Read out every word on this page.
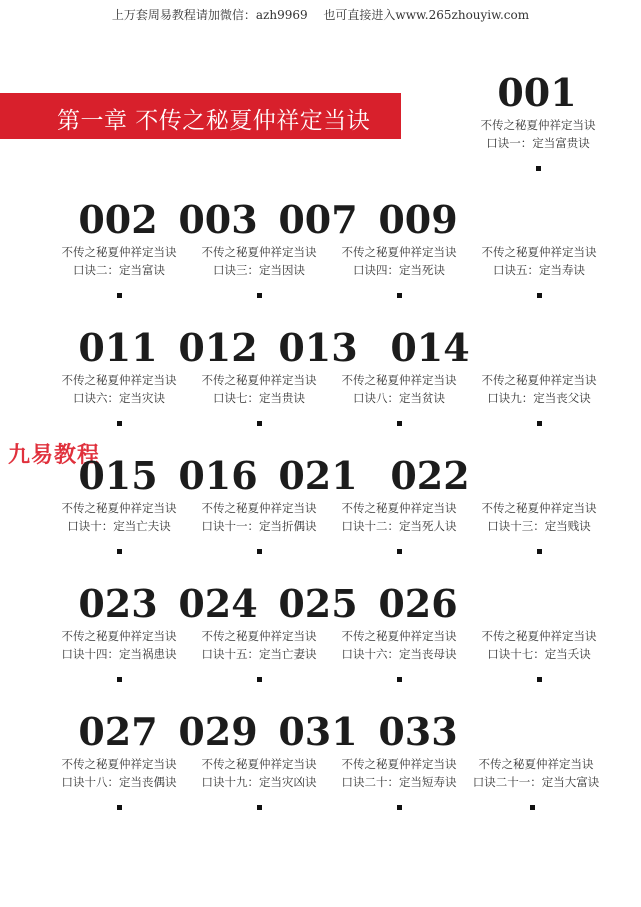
上万套周易教程请加微信：azh9969　 也可直接进入www.265zhouyiw.com
第一章 不传之秘夏仲祥定当诀
001
不传之秘夏仲祥定当诀
口诀一：定当富贵诀
002 003 007 009
不传之秘夏仲祥定当诀
口诀二：定当富诀
不传之秘夏仲祥定当诀
口诀三：定当因诀
不传之秘夏仲祥定当诀
口诀四：定当死诀
不传之秘夏仲祥定当诀
口诀五：定当寿诀
011 012 013 014
不传之秘夏仲祥定当诀
口诀六：定当灾诀
不传之秘夏仲祥定当诀
口诀七：定当贵诀
不传之秘夏仲祥定当诀
口诀八：定当贫诀
不传之秘夏仲祥定当诀
口诀九：定当丧父诀
九易教程
015 016 021 022
不传之秘夏仲祥定当诀
口诀十：定当亡夫诀
不传之秘夏仲祥定当诀
口诀十一：定当折偶诀
不传之秘夏仲祥定当诀
口诀十二：定当死人诀
不传之秘夏仲祥定当诀
口诀十三：定当贱诀
023 024 025 026
不传之秘夏仲祥定当诀
口诀十四：定当祸患诀
不传之秘夏仲祥定当诀
口诀十五：定当亡妻诀
不传之秘夏仲祥定当诀
口诀十六：定当丧母诀
不传之秘夏仲祥定当诀
口诀十七：定当夭诀
027 029 031 033
不传之秘夏仲祥定当诀
口诀十八：定当丧偶诀
不传之秘夏仲祥定当诀
口诀十九：定当灾凶诀
不传之秘夏仲祥定当诀
口诀二十：定当短寿诀
不传之秘夏仲祥定当诀
口诀二十一：定当大富诀
